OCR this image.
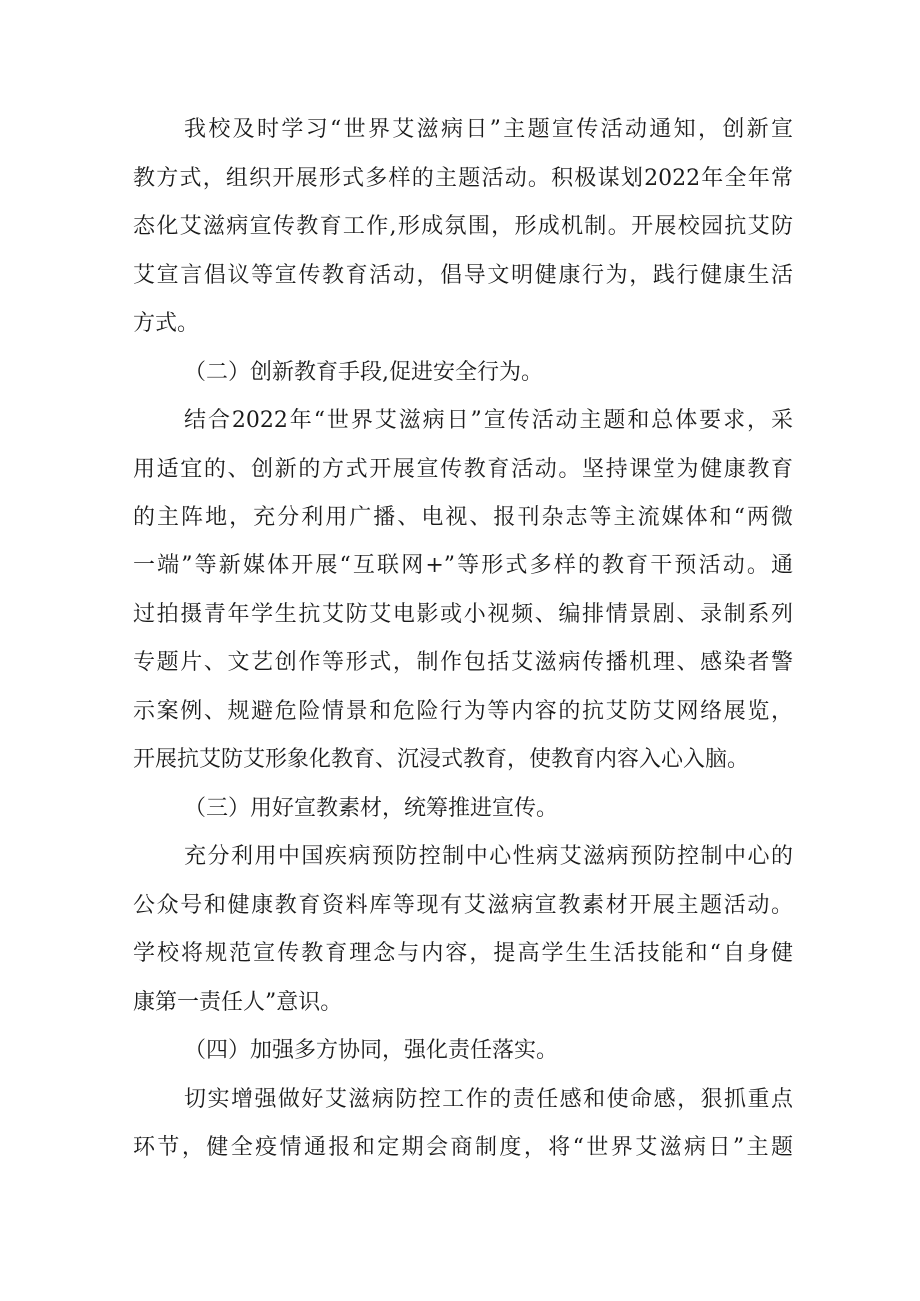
我校及时学习“世界艾滋病日”主题宣传活动通知，创新宣
教方式，组织开展形式多样的主题活动。积极谋划2022年全年常
态化艾滋病宣传教育工作,形成氛围，形成机制。开展校园抗艾防
艾宣言倡议等宣传教育活动，倡导文明健康行为，践行健康生活
方式。
（二）创新教育手段,促进安全行为。
结合2022年“世界艾滋病日”宣传活动主题和总体要求，采
用适宜的、创新的方式开展宣传教育活动。坚持课堂为健康教育
的主阵地，充分利用广播、电视、报刊杂志等主流媒体和“两微
一端”等新媒体开展“互联网+”等形式多样的教育干预活动。通
过拍摄青年学生抗艾防艾电影或小视频、编排情景剧、录制系列
专题片、文艺创作等形式，制作包括艾滋病传播机理、感染者警
示案例、规避危险情景和危险行为等内容的抗艾防艾网络展览，
开展抗艾防艾形象化教育、沉浸式教育，使教育内容入心入脑。
（三）用好宣教素材，统筹推进宣传。
充分利用中国疾病预防控制中心性病艾滋病预防控制中心的
公众号和健康教育资料库等现有艾滋病宣教素材开展主题活动。
学校将规范宣传教育理念与内容，提高学生生活技能和“自身健
康第一责任人”意识。
（四）加强多方协同，强化责任落实。
切实增强做好艾滋病防控工作的责任感和使命感，狠抓重点
环节，健全疫情通报和定期会商制度，将“世界艾滋病日”主题
